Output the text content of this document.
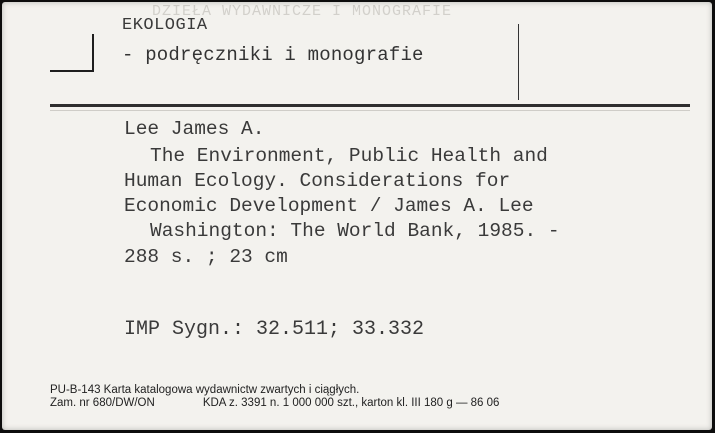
DZIEŁA WYDAWNICZE I MONOGRAFIE
EKOLOGIA
- podręczniki i monografie
Lee James A.
The Environment, Public Health and
Human Ecology. Considerations for
Economic Development / James A. Lee
Washington: The World Bank, 1985. -
288 s. ; 23 cm
IMP Sygn.: 32.511; 33.332
PU-B-143 Karta katalogowa wydawnictw zwartych i ciągłych.
Zam. nr 680/DW/ON	KDA z. 3391 n. 1 000 000 szt., karton kl. III 180 g — 86 06
